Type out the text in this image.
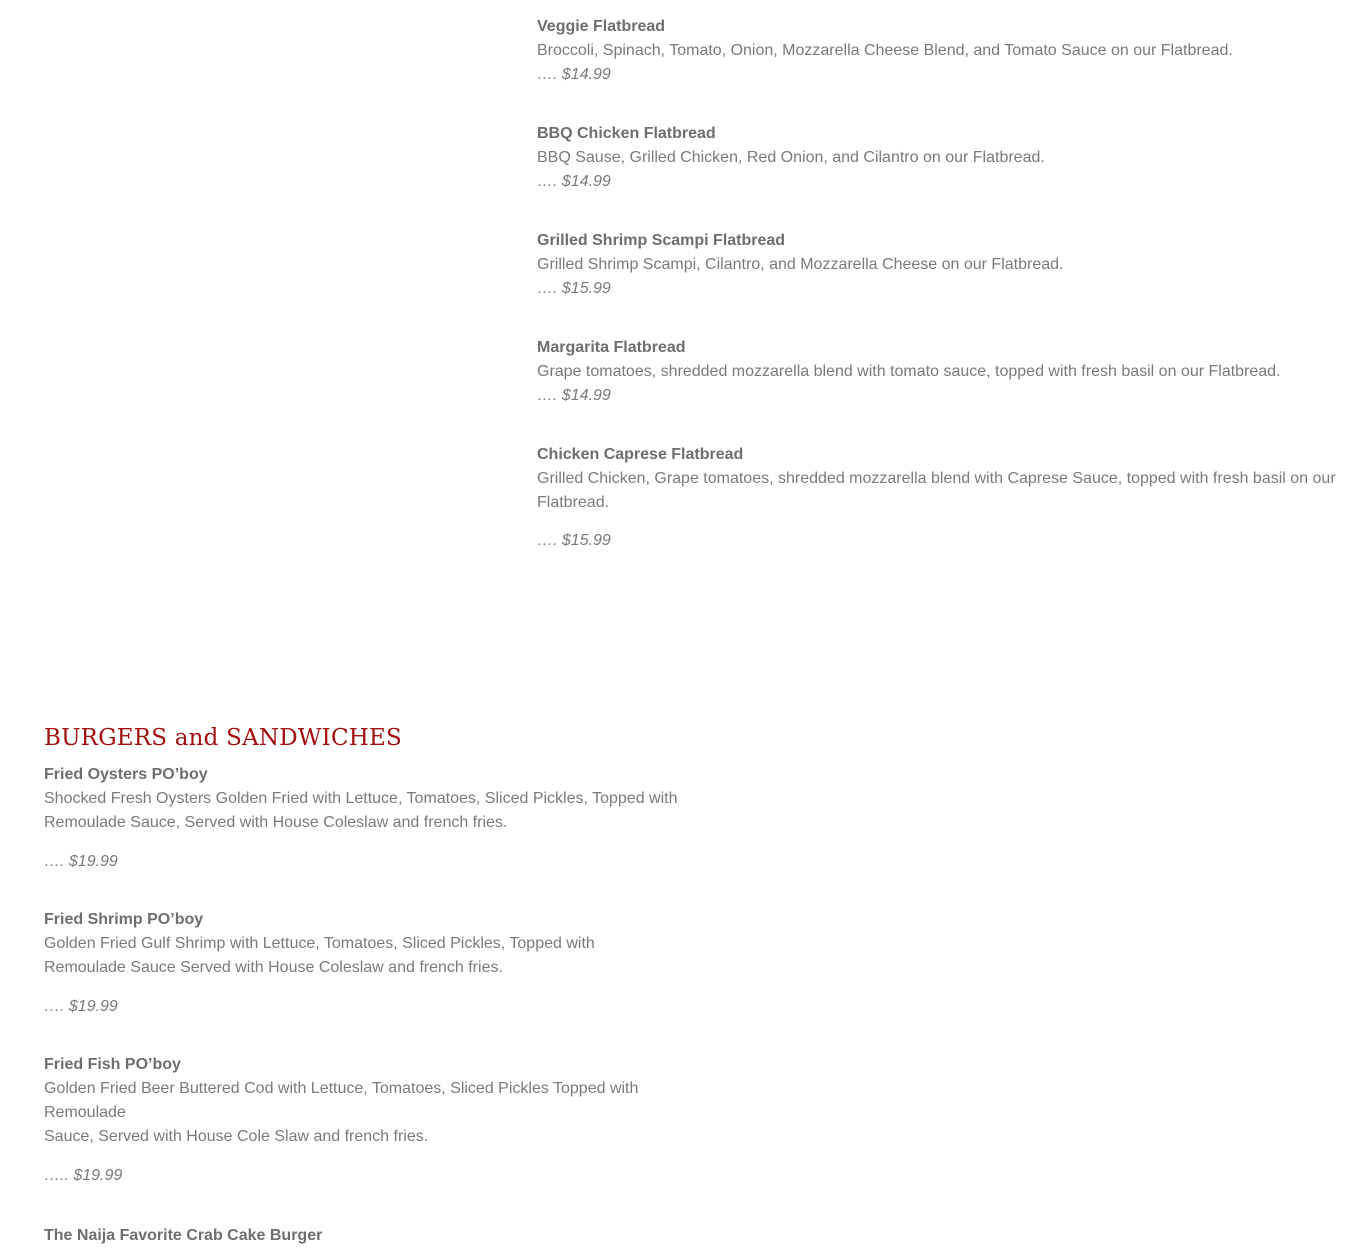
Veggie Flatbread
Broccoli, Spinach, Tomato, Onion, Mozzarella Cheese Blend, and Tomato Sauce on our Flatbread.
…. $14.99
BBQ Chicken Flatbread
BBQ Sause, Grilled Chicken, Red Onion, and Cilantro on our Flatbread.
…. $14.99
Grilled Shrimp Scampi Flatbread
Grilled Shrimp Scampi, Cilantro, and Mozzarella Cheese on our Flatbread.
…. $15.99
Margarita Flatbread
Grape tomatoes, shredded mozzarella blend with tomato sauce, topped with fresh basil on our Flatbread.
…. $14.99
Chicken Caprese Flatbread
Grilled Chicken, Grape tomatoes, shredded mozzarella blend with Caprese Sauce, topped with fresh basil on our Flatbread.
…. $15.99
BURGERS and SANDWICHES
Fried Oysters PO’boy
Shocked Fresh Oysters Golden Fried with Lettuce, Tomatoes, Sliced Pickles, Topped with
Remoulade Sauce, Served with House Coleslaw and french fries.
…. $19.99
Fried Shrimp PO’boy
Golden Fried Gulf Shrimp with Lettuce, Tomatoes, Sliced Pickles, Topped with
Remoulade Sauce Served with House Coleslaw and french fries.
…. $19.99
Fried Fish PO’boy
Golden Fried Beer Buttered Cod with Lettuce, Tomatoes, Sliced Pickles Topped with
Remoulade
Sauce, Served with House Cole Slaw and french fries.
….. $19.99
The Naija Favorite Crab Cake Burger
